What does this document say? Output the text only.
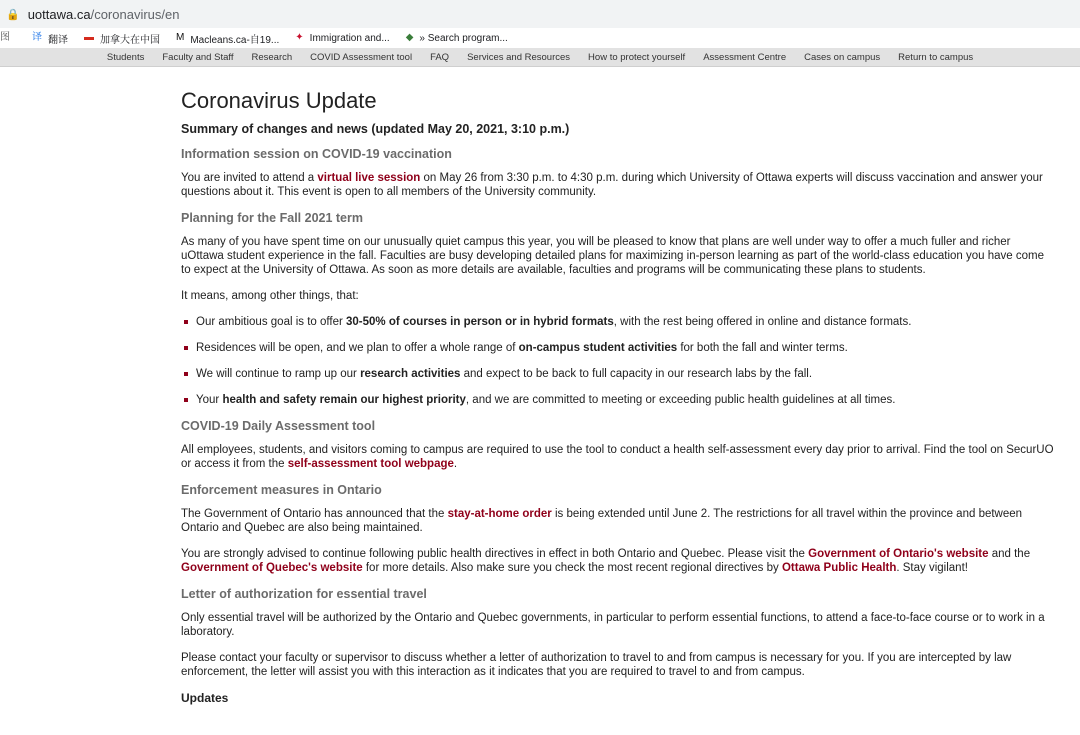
🔒 uottawa.ca /coronavirus/en
图 译 翻译 ▬ 加拿大在中国 M Macleans.ca-自19... ✦ Immigration and... ◆ » Search program...
Students Faculty and Staff Research COVID Assessment tool FAQ Services and Resources How to protect yourself Assessment Centre Cases on campus Return to campus
Coronavirus Update
Summary of changes and news (updated May 20, 2021, 3:10 p.m.)
Information session on COVID-19 vaccination

You are invited to attend a virtual live session on May 26 from 3:30 p.m. to 4:30 p.m. during which University of Ottawa experts will discuss vaccination and answer your questions about it. This event is open to all members of the University community.

Planning for the Fall 2021 term

As many of you have spent time on our unusually quiet campus this year, you will be pleased to know that plans are well under way to offer a much fuller and richer uOttawa student experience in the fall. Faculties are busy developing detailed plans for maximizing in-person learning as part of the world-class education you have come to expect at the University of Ottawa. As soon as more details are available, faculties and programs will be communicating these plans to students.

It means, among other things, that:

Our ambitious goal is to offer 30-50% of courses in person or in hybrid formats, with the rest being offered in online and distance formats.
Residences will be open, and we plan to offer a whole range of on-campus student activities for both the fall and winter terms.
We will continue to ramp up our research activities and expect to be back to full capacity in our research labs by the fall.
Your health and safety remain our highest priority, and we are committed to meeting or exceeding public health guidelines at all times.
COVID-19 Daily Assessment tool

All employees, students, and visitors coming to campus are required to use the tool to conduct a health self-assessment every day prior to arrival. Find the tool on SecurUO or access it from the self-assessment tool webpage.

Enforcement measures in Ontario

The Government of Ontario has announced that the stay-at-home order is being extended until June 2. The restrictions for all travel within the province and between Ontario and Quebec are also being maintained.

You are strongly advised to continue following public health directives in effect in both Ontario and Quebec. Please visit the Government of Ontario's website and the Government of Quebec's website for more details. Also make sure you check the most recent regional directives by Ottawa Public Health. Stay vigilant!

Letter of authorization for essential travel

Only essential travel will be authorized by the Ontario and Quebec governments, in particular to perform essential functions, to attend a face-to-face course or to work in a laboratory.

Please contact your faculty or supervisor to discuss whether a letter of authorization to travel to and from campus is necessary for you. If you are intercepted by law enforcement, the letter will assist you with this interaction as it indicates that you are required to travel to and from campus.

Updates
